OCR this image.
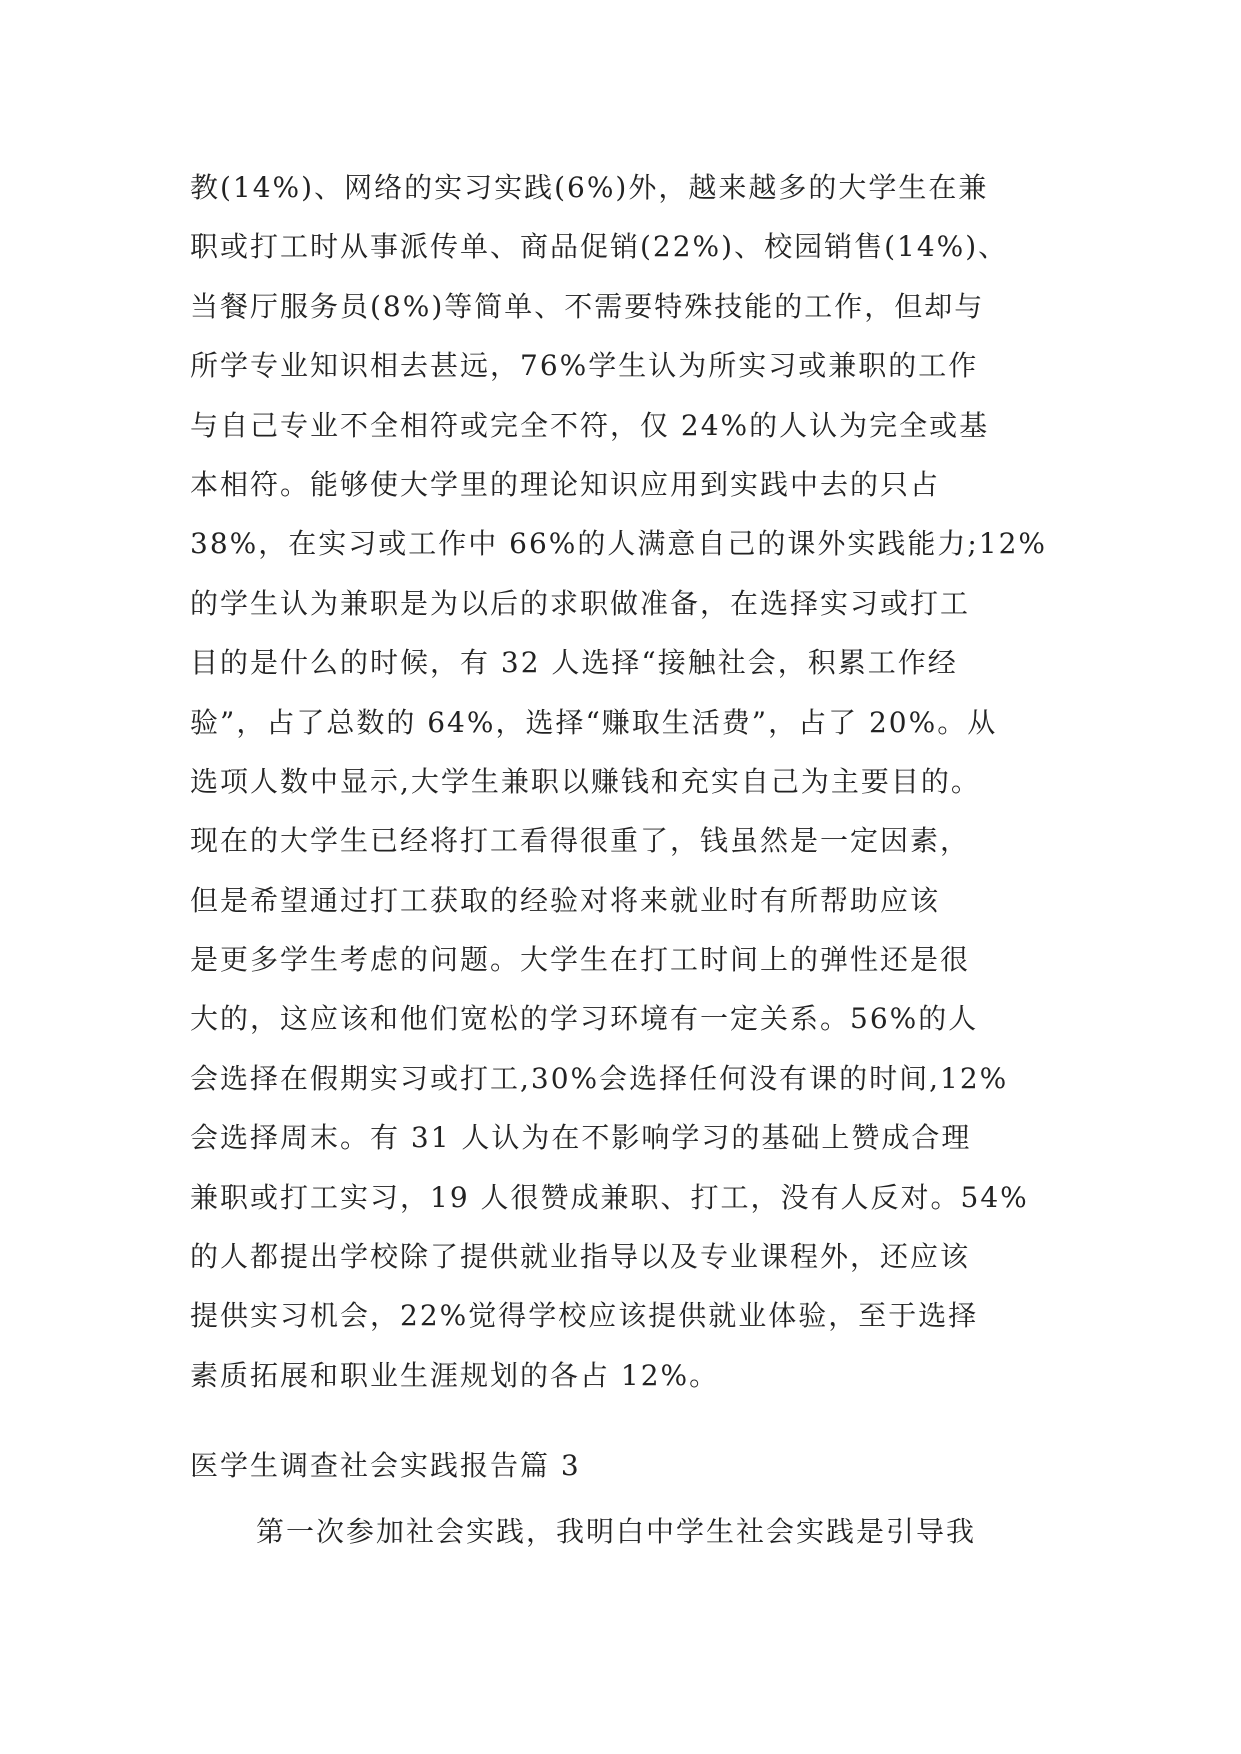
教(14%)、网络的实习实践(6%)外，越来越多的大学生在兼
职或打工时从事派传单、商品促销(22%)、校园销售(14%)、
当餐厅服务员(8%)等简单、不需要特殊技能的工作，但却与
所学专业知识相去甚远，76%学生认为所实习或兼职的工作
与自己专业不全相符或完全不符，仅 24%的人认为完全或基
本相符。能够使大学里的理论知识应用到实践中去的只占
38%，在实习或工作中 66%的人满意自己的课外实践能力;12%
的学生认为兼职是为以后的求职做准备，在选择实习或打工
目的是什么的时候，有 32 人选择“接触社会，积累工作经
验”，占了总数的 64%，选择“赚取生活费”，占了 20%。从
选项人数中显示,大学生兼职以赚钱和充实自己为主要目的。
现在的大学生已经将打工看得很重了，钱虽然是一定因素，
但是希望通过打工获取的经验对将来就业时有所帮助应该
是更多学生考虑的问题。大学生在打工时间上的弹性还是很
大的，这应该和他们宽松的学习环境有一定关系。56%的人
会选择在假期实习或打工,30%会选择任何没有课的时间,12%
会选择周末。有 31 人认为在不影响学习的基础上赞成合理
兼职或打工实习，19 人很赞成兼职、打工，没有人反对。54%
的人都提出学校除了提供就业指导以及专业课程外，还应该
提供实习机会，22%觉得学校应该提供就业体验，至于选择
素质拓展和职业生涯规划的各占 12%。
医学生调查社会实践报告篇 3

第一次参加社会实践，我明白中学生社会实践是引导我
